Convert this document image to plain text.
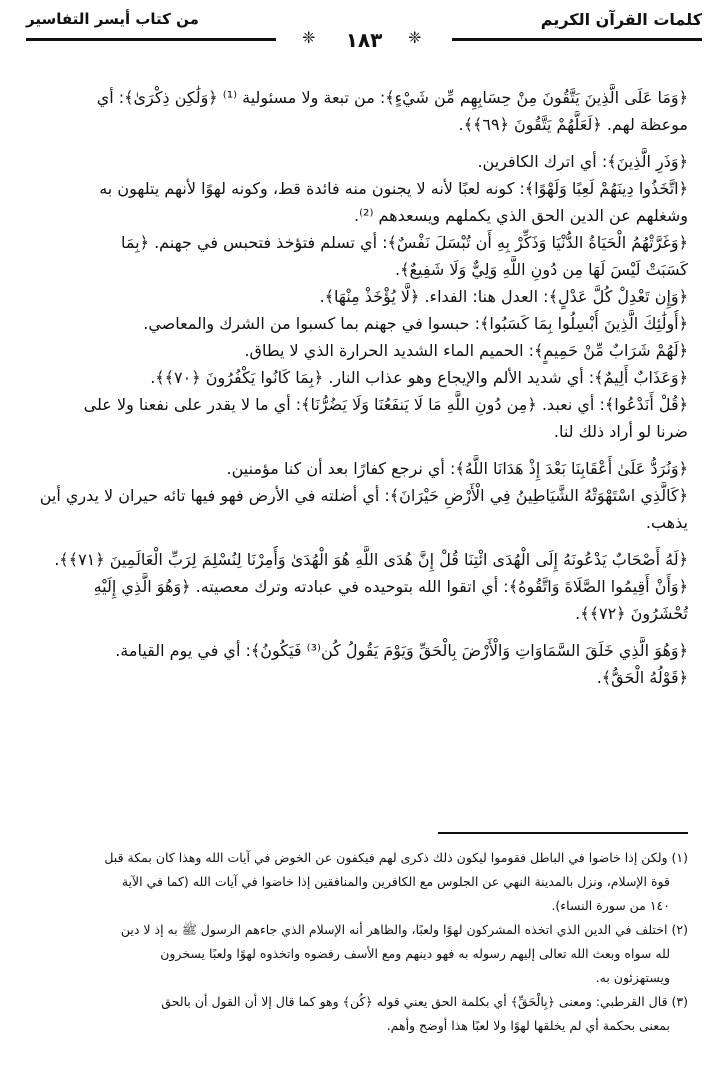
كلمات القرآن الكريم
من كتاب أيسر التفاسير
❈ ١٨٣ ❈
﴿وَمَا عَلَى الَّذِينَ يَتَّقُونَ مِنْ حِسَابِهِم مِّن شَيْءٍ﴾: من تبعة ولا مسئولية ⁽¹⁾ ﴿وَلَٰكِن ذِكْرَىٰ﴾: أي
موعظة لهم. ﴿لَعَلَّهُمْ يَتَّقُونَ ﴿٦٩﴾﴾.
﴿وَذَرِ الَّذِينَ﴾: أي اترك الكافرين.
﴿اتَّخَذُوا دِينَهُمْ لَعِبًا وَلَهْوًا﴾: كونه لعبًا لأنه لا يجنون منه فائدة قط، وكونه لهوًا لأنهم يتلهون به
وشغلهم عن الدين الحق الذي يكملهم ويسعدهم ⁽²⁾.
﴿وَغَرَّتْهُمُ الْحَيَاةُ الدُّنْيَا وَذَكِّرْ بِهِ أَن تُبْسَلَ نَفْسٌ﴾: أي تسلم فتؤخذ فتحبس في جهنم. ﴿بِمَا
كَسَبَتْ لَيْسَ لَهَا مِن دُونِ اللَّهِ وَلِيٌّ وَلَا شَفِيعٌ﴾.
﴿وَإِن تَعْدِلْ كُلَّ عَدْلٍ﴾: العدل هنا: الفداء. ﴿لَّا يُؤْخَذْ مِنْهَا﴾.
﴿أُولَٰئِكَ الَّذِينَ أُبْسِلُوا بِمَا كَسَبُوا﴾: حبسوا في جهنم بما كسبوا من الشرك والمعاصي.
﴿لَهُمْ شَرَابٌ مِّنْ حَمِيمٍ﴾: الحميم الماء الشديد الحرارة الذي لا يطاق.
﴿وَعَذَابٌ أَلِيمٌ﴾: أي شديد الألم والإيجاع وهو عذاب النار. ﴿بِمَا كَانُوا يَكْفُرُونَ ﴿٧٠﴾﴾.
﴿قُلْ أَنَدْعُوا﴾: أي نعبد. ﴿مِن دُونِ اللَّهِ مَا لَا يَنفَعُنَا وَلَا يَضُرُّنَا﴾: أي ما لا يقدر على نفعنا ولا على
ضرنا لو أراد ذلك لنا.
﴿وَنُرَدُّ عَلَىٰ أَعْقَابِنَا بَعْدَ إِذْ هَدَانَا اللَّهُ﴾: أي نرجع كفارًا بعد أن كنا مؤمنين.
﴿كَالَّذِي اسْتَهْوَتْهُ الشَّيَاطِينُ فِي الْأَرْضِ حَيْرَانَ﴾: أي أضلته في الأرض فهو فيها تائه حيران لا يدري أين
يذهب.
﴿لَهُ أَصْحَابٌ يَدْعُونَهُ إِلَى الْهُدَى ائْتِنَا قُلْ إِنَّ هُدَى اللَّهِ هُوَ الْهُدَىٰ وَأُمِرْنَا لِنُسْلِمَ لِرَبِّ الْعَالَمِينَ ﴿٧١﴾﴾.
﴿وَأَنْ أَقِيمُوا الصَّلَاةَ وَاتَّقُوهُ﴾: أي اتقوا الله بتوحيده في عبادته وترك معصيته. ﴿وَهُوَ الَّذِي إِلَيْهِ
تُحْشَرُونَ ﴿٧٢﴾﴾.
﴿وَهُوَ الَّذِي خَلَقَ السَّمَاوَاتِ وَالْأَرْضَ بِالْحَقِّ وَيَوْمَ يَقُولُ كُن⁽³⁾ فَيَكُونُ﴾: أي في يوم القيامة.
﴿قَوْلُهُ الْحَقُّ﴾.
(١) ولكن إذا خاضوا في الباطل فقوموا ليكون ذلك ذكرى لهم فيكفون عن الخوض في آيات الله وهذا كان بمكة قبل
قوة الإسلام، ونزل بالمدينة النهي عن الجلوس مع الكافرين والمنافقين إذا خاضوا في آيات الله (كما في الآية
١٤٠ من سورة النساء).
(٢) اختلف في الدين الذي اتخذه المشركون لهوًا ولعبًا، والظاهر أنه الإسلام الذي جاءهم الرسول ﷺ به إذ لا دين
لله سواه وبعث الله تعالى إليهم رسوله به فهو دينهم ومع الأسف رفضوه واتخذوه لهوًا ولعبًا يسخرون
ويستهزئون به.
(٣) قال القرطبي: ومعنى ﴿بِالْحَقِّ﴾ أي بكلمة الحق يعني قوله ﴿كُن﴾ وهو كما قال إلا أن القول أن بالحق
بمعنى بحكمة أي لم يخلقها لهوًا ولا لعبًا هذا أوضح وأهم.
